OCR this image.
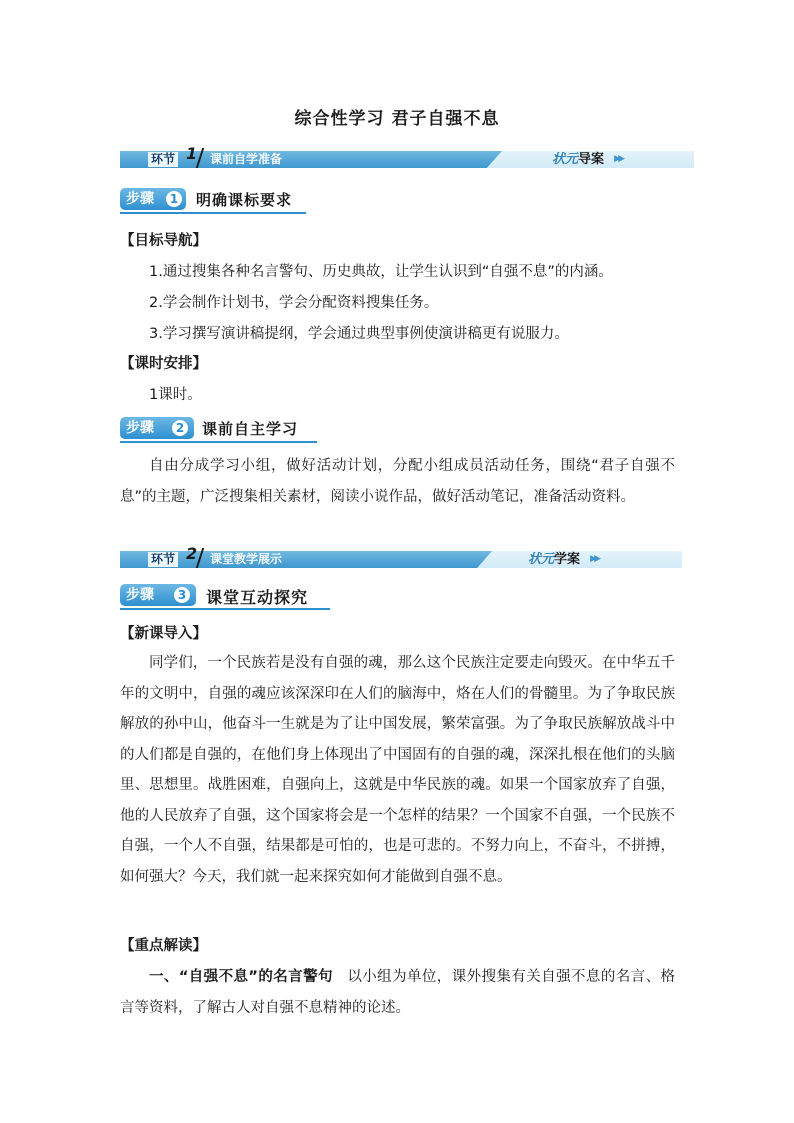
综合性学习 君子自强不息
环节 1 课前自学准备	状元导案 ▶▶
步骤	1 明确课标要求
【目标导航】
1.通过搜集各种名言警句、历史典故，让学生认识到“自强不息”的内涵。
2.学会制作计划书，学会分配资料搜集任务。
3.学习撰写演讲稿提纲，学会通过典型事例使演讲稿更有说服力。
【课时安排】
1课时。
步骤	2 课前自主学习
自由分成学习小组，做好活动计划，分配小组成员活动任务，围绕“君子自强不息”的主题，广泛搜集相关素材，阅读小说作品，做好活动笔记，准备活动资料。
环节 2 课堂教学展示	状元学案 ▶▶
步骤	3 课堂互动探究
【新课导入】
同学们，一个民族若是没有自强的魂，那么这个民族注定要走向毁灭。在中华五千年的文明中，自强的魂应该深深印在人们的脑海中，烙在人们的骨髓里。为了争取民族解放的孙中山，他奋斗一生就是为了让中国发展，繁荣富强。为了争取民族解放战斗中的人们都是自强的，在他们身上体现出了中国固有的自强的魂，深深扎根在他们的头脑里、思想里。战胜困难，自强向上，这就是中华民族的魂。如果一个国家放弃了自强，他的人民放弃了自强，这个国家将会是一个怎样的结果？一个国家不自强，一个民族不自强，一个人不自强，结果都是可怕的，也是可悲的。不努力向上，不奋斗，不拼搏，如何强大？今天，我们就一起来探究如何才能做到自强不息。
【重点解读】
一、“自强不息”的名言警句 以小组为单位，课外搜集有关自强不息的名言、格言等资料，了解古人对自强不息精神的论述。
